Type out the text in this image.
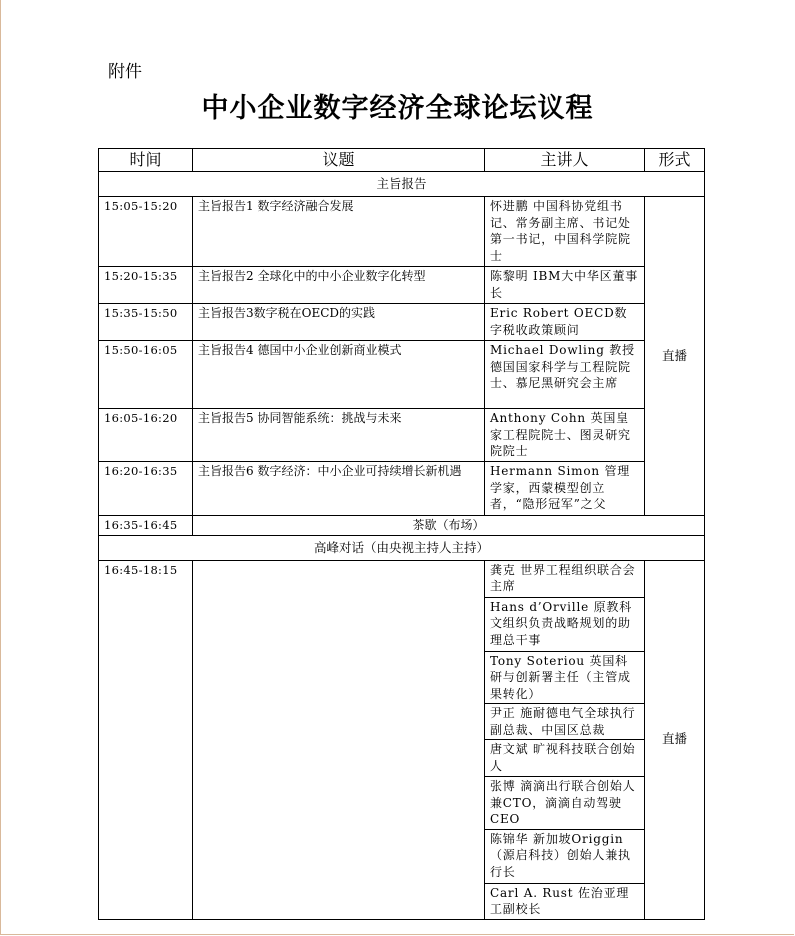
附件
中小企业数字经济全球论坛议程
时间	议题	主讲人	形式
主旨报告			
15:05-15:20	主旨报告1 数字经济融合发展	怀进鹏 中国科协党组书记、常务副主席、书记处第一书记，中国科学院院士	直播
15:20-15:35	主旨报告2 全球化中的中小企业数字化转型	陈黎明 IBM大中华区董事长	
15:35-15:50	主旨报告3数字税在OECD的实践	Eric Robert OECD数字税收政策顾问	
15:50-16:05	主旨报告4 德国中小企业创新商业模式	Michael Dowling 教授 德国国家科学与工程院院士、慕尼黑研究会主席	
16:05-16:20	主旨报告5 协同智能系统：挑战与未来	Anthony Cohn 英国皇家工程院院士、图灵研究院院士	
16:20-16:35	主旨报告6 数字经济：中小企业可持续增长新机遇	Hermann Simon 管理学家，西蒙模型创立者，“隐形冠军”之父	
16:35-16:45	茶歇（布场）		
高峰对话（由央视主持人主持）			
16:45-18:15		龚克 世界工程组织联合会主席	直播
		Hans d’Orville 原教科文组织负责战略规划的助理总干事	
		Tony Soteriou 英国科研与创新署主任（主管成果转化）	
		尹正 施耐德电气全球执行副总裁、中国区总裁	
		唐文斌 旷视科技联合创始人	
		张博 滴滴出行联合创始人兼CTO，滴滴自动驾驶CEO	
		陈锦华 新加坡Origgin（源启科技）创始人兼执行长	
		Carl A. Rust 佐治亚理工副校长	
